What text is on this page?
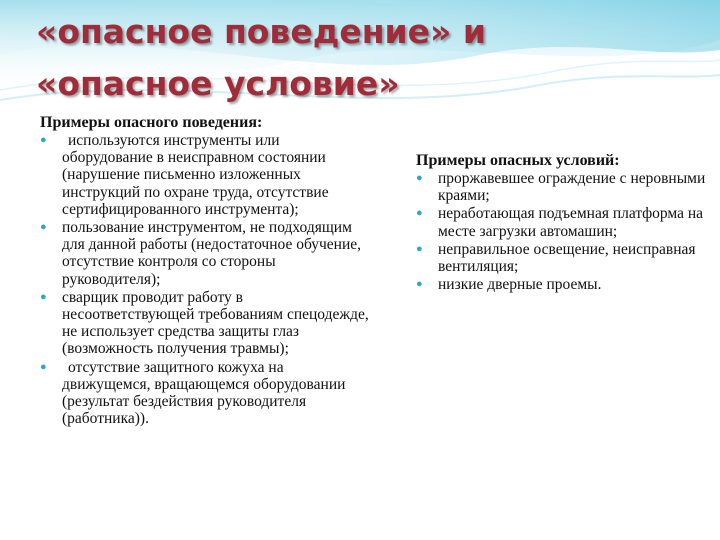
«опасное поведение» и
«опасное условие»

Примеры опасного поведения:

●	используются инструменты или оборудование в неисправном состоянии (нарушение письменно изложенных инструкций по охране труда, отсутствие сертифицированного инструмента);
● пользование инструментом, не подходящим для данной работы (недостаточное обучение, отсутствие контроля со стороны руководителя);
● сварщик проводит работу в несоответствующей требованиям спецодежде, не использует средства защиты глаз (возможность получения травмы);
●	отсутствие защитного кожуха на движущемся, вращающемся оборудовании (результат бездействия руководителя (работника)).

Примеры опасных условий:

● проржавевшее ограждение с неровными краями;
● неработающая подъемная платформа на месте загрузки автомашин;
● неправильное освещение, неисправная вентиляция;
● низкие дверные проемы.
